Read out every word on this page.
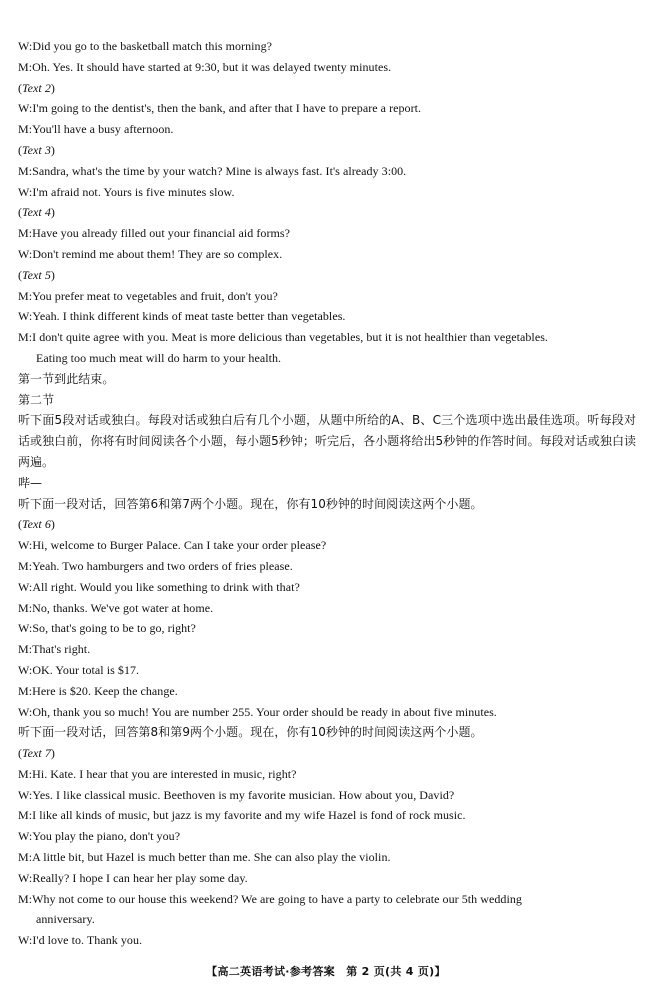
W:Did you go to the basketball match this morning?
M:Oh. Yes. It should have started at 9:30, but it was delayed twenty minutes.
(Text 2)
W:I'm going to the dentist's, then the bank, and after that I have to prepare a report.
M:You'll have a busy afternoon.
(Text 3)
M:Sandra, what's the time by your watch? Mine is always fast. It's already 3:00.
W:I'm afraid not. Yours is five minutes slow.
(Text 4)
M:Have you already filled out your financial aid forms?
W:Don't remind me about them! They are so complex.
(Text 5)
M:You prefer meat to vegetables and fruit, don't you?
W:Yeah. I think different kinds of meat taste better than vegetables.
M:I don't quite agree with you. Meat is more delicious than vegetables, but it is not healthier than vegetables.
Eating too much meat will do harm to your health.
第一节到此结束。
第二节
听下面5段对话或独白。每段对话或独白后有几个小题，从题中所给的A、B、C三个选项中选出最佳选项。听每段对话或独白前，你将有时间阅读各个小题，每小题5秒钟；听完后，各小题将给出5秒钟的作答时间。每段对话或独白读两遍。
哔—
听下面一段对话，回答第6和第7两个小题。现在，你有10秒钟的时间阅读这两个小题。
(Text 6)
W:Hi, welcome to Burger Palace. Can I take your order please?
M:Yeah. Two hamburgers and two orders of fries please.
W:All right. Would you like something to drink with that?
M:No, thanks. We've got water at home.
W:So, that's going to be to go, right?
M:That's right.
W:OK. Your total is $17.
M:Here is $20. Keep the change.
W:Oh, thank you so much! You are number 255. Your order should be ready in about five minutes.
听下面一段对话，回答第8和第9两个小题。现在，你有10秒钟的时间阅读这两个小题。
(Text 7)
M:Hi. Kate. I hear that you are interested in music, right?
W:Yes. I like classical music. Beethoven is my favorite musician. How about you, David?
M:I like all kinds of music, but jazz is my favorite and my wife Hazel is fond of rock music.
W:You play the piano, don't you?
M:A little bit, but Hazel is much better than me. She can also play the violin.
W:Really? I hope I can hear her play some day.
M:Why not come to our house this weekend? We are going to have a party to celebrate our 5th wedding
anniversary.
W:I'd love to. Thank you.
【高二英语考试·参考答案　第 2 页(共 4 页)】
